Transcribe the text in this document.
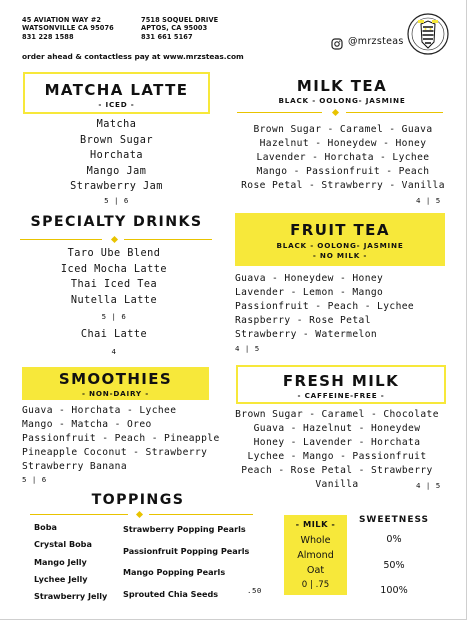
45 AVIATION WAY #2
WATSONVILLE CA 95076
831 228 1588
7518 SOQUEL DRIVE
APTOS, CA 95003
831 661 5167
order ahead & contactless pay at www.mrzsteas.com
@mrzsteas
MATCHA LATTE
- ICED -
Matcha
Brown Sugar
Horchata
Mango Jam
Strawberry Jam
5 | 6
SPECIALTY DRINKS
Taro Ube Blend
Iced Mocha Latte
Thai Iced Tea
Nutella Latte
5 | 6
Chai Latte
4
SMOOTHIES
- NON-DAIRY -
Guava - Horchata - Lychee
Mango - Matcha - Oreo
Passionfruit - Peach - Pineapple
Pineapple Coconut - Strawberry
Strawberry Banana
5 | 6
MILK TEA
BLACK - OOLONG- JASMINE
Brown Sugar - Caramel - Guava
Hazelnut - Honeydew - Honey
Lavender - Horchata - Lychee
Mango - Passionfruit - Peach
Rose Petal - Strawberry - Vanilla
4 | 5
FRUIT TEA
BLACK - OOLONG- JASMINE
- NO MILK -
Guava - Honeydew - Honey
Lavender - Lemon - Mango
Passionfruit - Peach - Lychee
Raspberry - Rose Petal
Strawberry - Watermelon
4 | 5
FRESH MILK
- CAFFEINE-FREE -
Brown Sugar - Caramel - Chocolate
Guava - Hazelnut - Honeydew
Honey - Lavender - Horchata
Lychee - Mango - Passionfruit
Peach - Rose Petal - Strawberry
Vanilla	4 | 5
TOPPINGS
Boba
Crystal Boba
Mango Jelly
Lychee Jelly
Strawberry Jelly
Strawberry Popping Pearls
Passionfruit Popping Pearls
Mango Popping Pearls
Sprouted Chia Seeds	.50
- MILK -
Whole
Almond
Oat
0 | .75
SWEETNESS
0%
50%
100%
